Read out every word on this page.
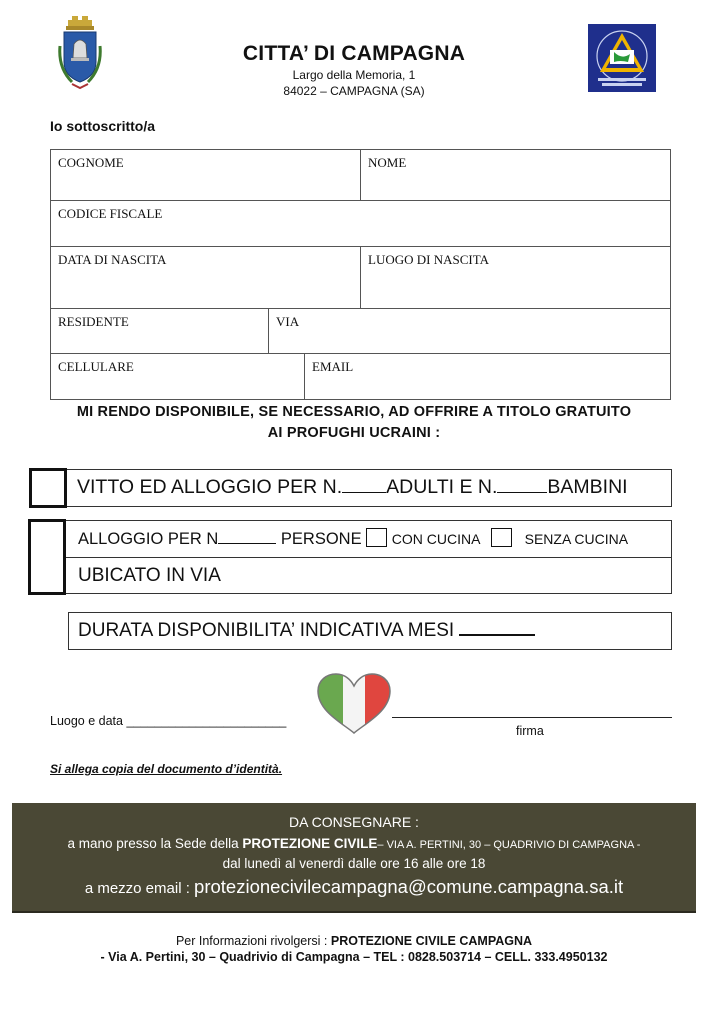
CITTA’ DI CAMPAGNA
Largo della Memoria, 1
84022 – CAMPAGNA (SA)
Io sottoscritto/a
COGNOME	NOME
CODICE FISCALE
DATA DI NASCITA	LUOGO DI NASCITA
RESIDENTE	VIA
CELLULARE	EMAIL
MI RENDO DISPONIBILE, SE NECESSARIO, AD OFFRIRE A TITOLO GRATUITO
AI PROFUGHI UCRAINI :
VITTO ED ALLOGGIO PER N. ADULTI E N.	BAMBINI
ALLOGGIO PER N	PERSONE CON CUCINA	SENZA CUCINA
UBICATO IN VIA
DURATA DISPONIBILITA’ INDICATIVA MESI
Luogo e data _______________________
firma
Si allega copia del documento d’identità.
DA CONSEGNARE :
a mano presso la Sede della PROTEZIONE CIVILE– VIA A. PERTINI, 30 – QUADRIVIO DI CAMPAGNA -
dal lunedì al venerdì dalle ore 16 alle ore 18
a mezzo email : protezionecivilecampagna@comune.campagna.sa.it
Per Informazioni rivolgersi : PROTEZIONE CIVILE CAMPAGNA
- Via A. Pertini, 30 – Quadrivio di Campagna – TEL : 0828.503714 – CELL. 333.4950132
